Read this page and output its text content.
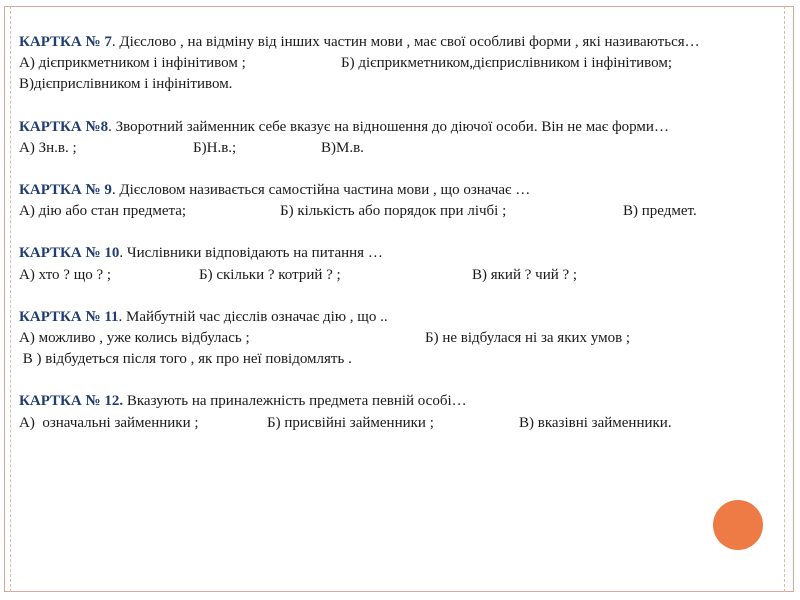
КАРТКА № 7. Дієслово , на відміну від інших частин мови , має свої особливі форми , які називаються…
А) дієприкметником і інфінітивом ;	Б) дієприкметником,дієприслівником і інфінітивом;
В)дієприслівником і інфінітивом.
КАРТКА №8. Зворотний займенник себе вказує на відношення до діючої особи. Він не має форми…
А) Зн.в. ;	Б)Н.в.;	В)М.в.
КАРТКА № 9. Дієсловом називається самостійна частина мови , що означає …
А) дію або стан предмета;	Б) кількість або порядок при лічбі ;	В) предмет.
КАРТКА № 10. Числівники відповідають на питання …
А) хто ? що ? ;	Б) скільки ? котрий ? ;	В) який ? чий ? ;
КАРТКА № 11. Майбутній час дієслів означає дію , що ..
А) можливо , уже колись відбулась ;	Б) не відбулася ні за яких умов ;
В ) відбудеться після того , як про неї повідомлять .
КАРТКА № 12. Вказують на приналежність предмета певній особі…
А)  означальні займенники ;	Б) присвійні займенники ;	В) вказівні займенники.
